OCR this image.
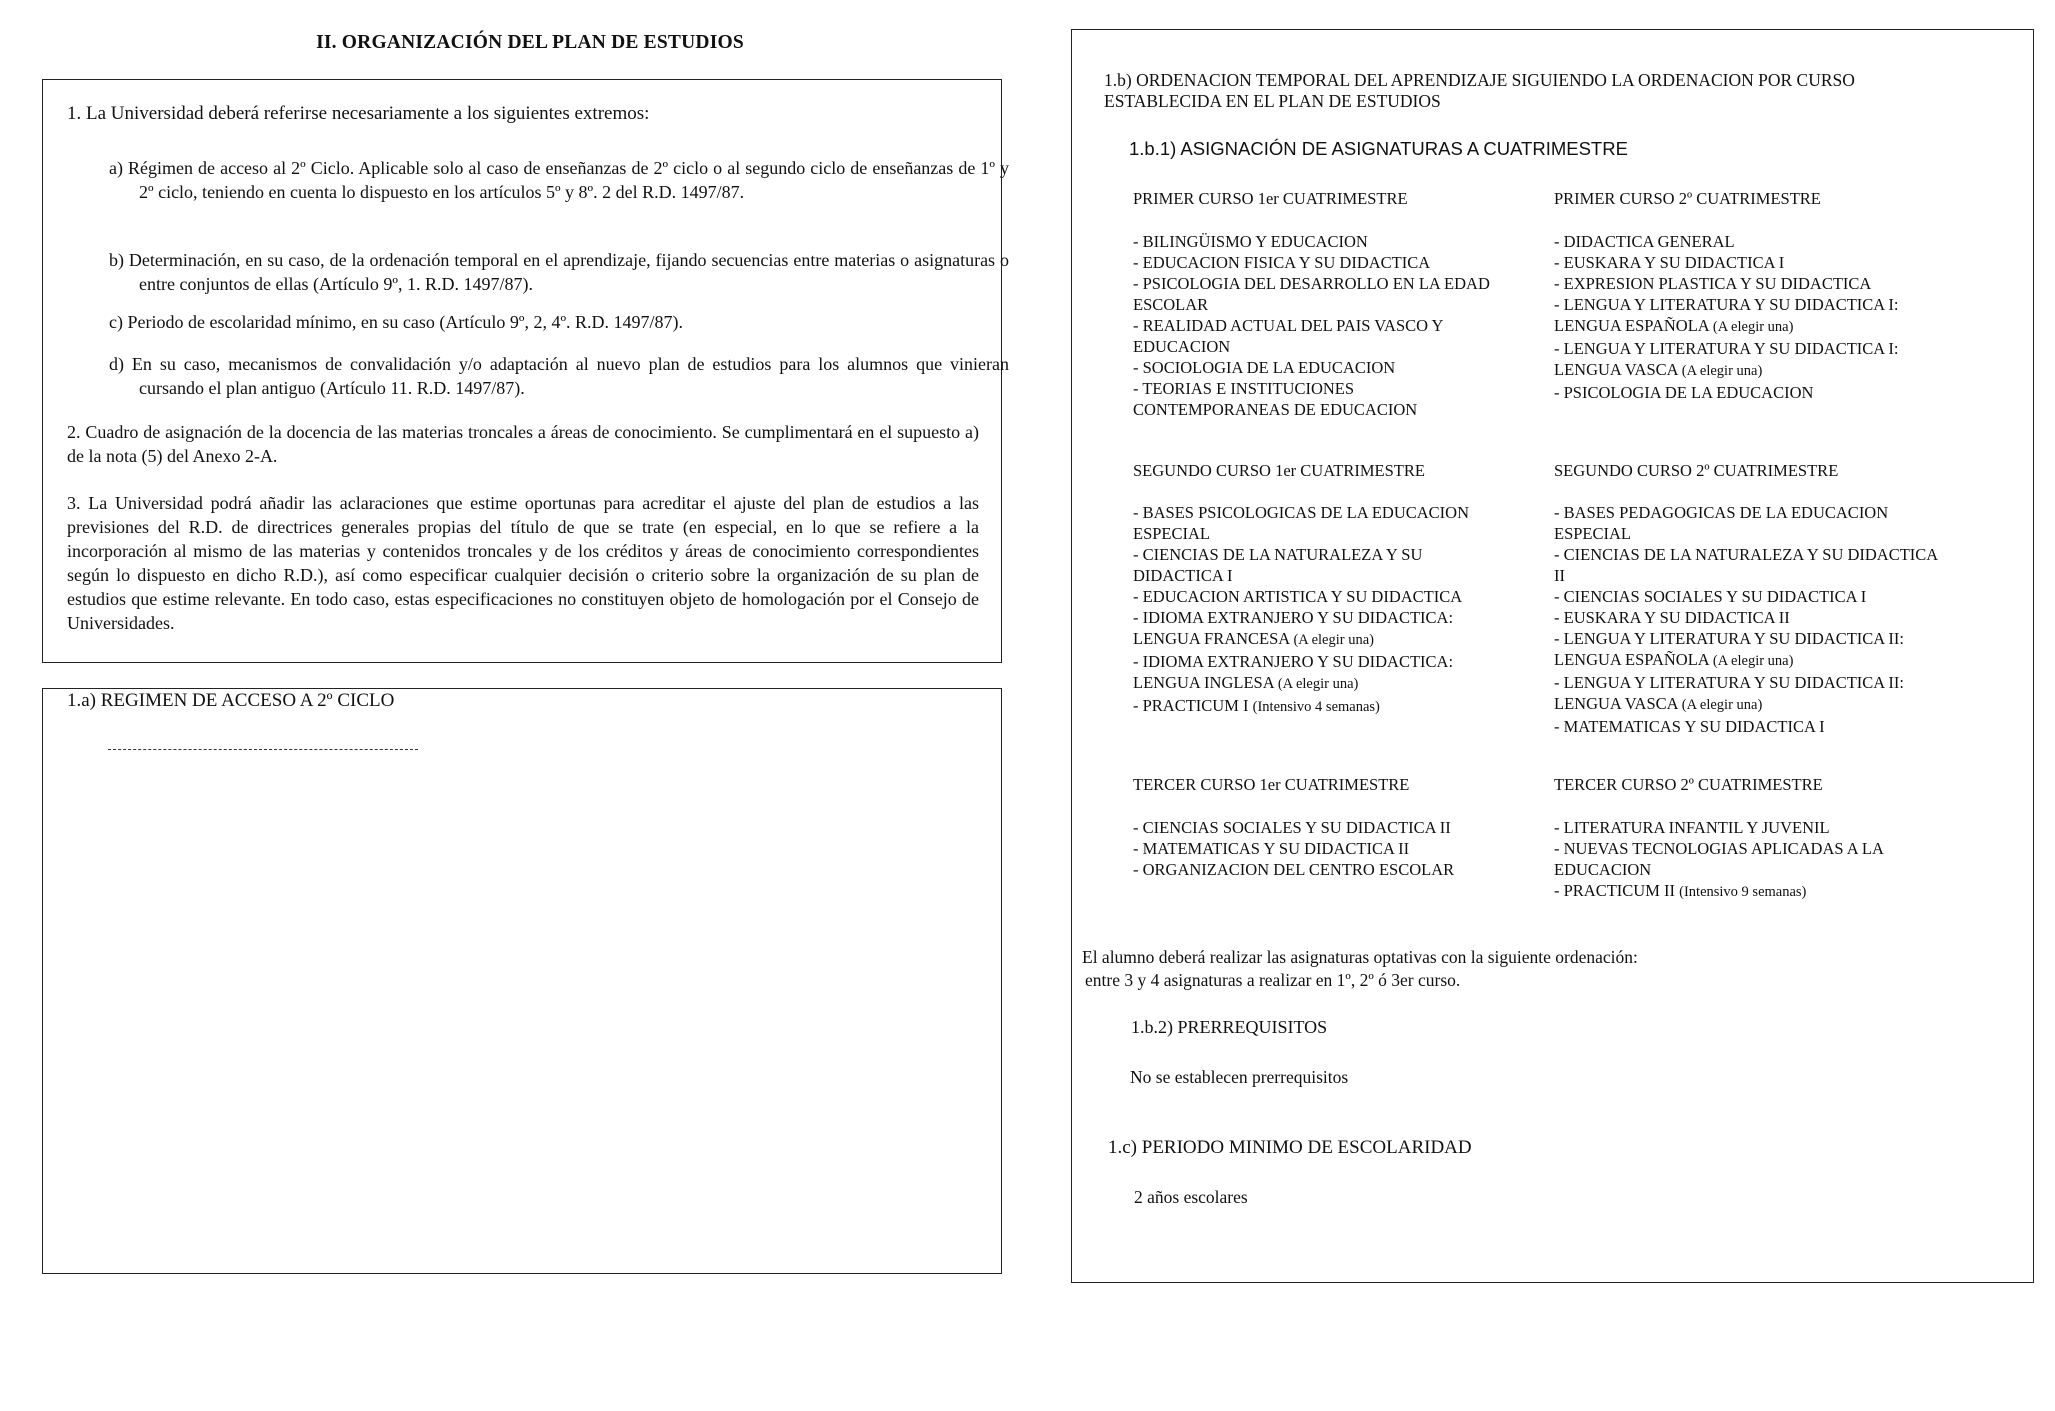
II. ORGANIZACIÓN DEL PLAN DE ESTUDIOS
1. La Universidad deberá referirse necesariamente a los siguientes extremos:
a) Régimen de acceso al 2º Ciclo. Aplicable solo al caso de enseñanzas de 2º ciclo o al segundo ciclo de enseñanzas de 1º y 2º ciclo, teniendo en cuenta lo dispuesto en los artículos 5º y 8º. 2 del R.D. 1497/87.
b) Determinación, en su caso, de la ordenación temporal en el aprendizaje, fijando secuencias entre materias o asignaturas o entre conjuntos de ellas (Artículo 9º, 1. R.D. 1497/87).
c) Periodo de escolaridad mínimo, en su caso (Artículo 9º, 2, 4º. R.D. 1497/87).
d) En su caso, mecanismos de convalidación y/o adaptación al nuevo plan de estudios para los alumnos que vinieran cursando el plan antiguo (Artículo 11. R.D. 1497/87).
2. Cuadro de asignación de la docencia de las materias troncales a áreas de conocimiento. Se cumplimentará en el supuesto a) de la nota (5) del Anexo 2-A.
3. La Universidad podrá añadir las aclaraciones que estime oportunas para acreditar el ajuste del plan de estudios a las previsiones del R.D. de directrices generales propias del título de que se trate (en especial, en lo que se refiere a la incorporación al mismo de las materias y contenidos troncales y de los créditos y áreas de conocimiento correspondientes según lo dispuesto en dicho R.D.), así como especificar cualquier decisión o criterio sobre la organización de su plan de estudios que estime relevante. En todo caso, estas especificaciones no constituyen objeto de homologación por el Consejo de Universidades.
1.a) REGIMEN DE ACCESO A 2º CICLO
1.b) ORDENACION TEMPORAL DEL APRENDIZAJE SIGUIENDO LA ORDENACION POR CURSO ESTABLECIDA EN EL PLAN DE ESTUDIOS
1.b.1) ASIGNACIÓN DE ASIGNATURAS A CUATRIMESTRE
PRIMER CURSO 1er CUATRIMESTRE
- BILINGÜISMO Y EDUCACION
- EDUCACION FISICA Y SU DIDACTICA
- PSICOLOGIA DEL DESARROLLO EN LA EDAD ESCOLAR
- REALIDAD ACTUAL DEL PAIS VASCO Y EDUCACION
- SOCIOLOGIA DE LA EDUCACION
- TEORIAS E INSTITUCIONES CONTEMPORANEAS DE EDUCACION
PRIMER CURSO 2º CUATRIMESTRE
- DIDACTICA GENERAL
- EUSKARA Y SU DIDACTICA I
- EXPRESION PLASTICA Y SU DIDACTICA
- LENGUA Y LITERATURA Y SU DIDACTICA I: LENGUA ESPAÑOLA (A elegir una)
- LENGUA Y LITERATURA Y SU DIDACTICA I: LENGUA VASCA (A elegir una)
- PSICOLOGIA DE LA EDUCACION
SEGUNDO CURSO 1er CUATRIMESTRE
- BASES PSICOLOGICAS DE LA EDUCACION ESPECIAL
- CIENCIAS DE LA NATURALEZA Y SU DIDACTICA I
- EDUCACION ARTISTICA Y SU DIDACTICA
- IDIOMA EXTRANJERO Y SU DIDACTICA: LENGUA FRANCESA (A elegir una)
- IDIOMA EXTRANJERO Y SU DIDACTICA: LENGUA INGLESA (A elegir una)
- PRACTICUM I (Intensivo 4 semanas)
SEGUNDO CURSO 2º CUATRIMESTRE
- BASES PEDAGOGICAS DE LA EDUCACION ESPECIAL
- CIENCIAS DE LA NATURALEZA Y SU DIDACTICA II
- CIENCIAS SOCIALES Y SU DIDACTICA I
- EUSKARA Y SU DIDACTICA II
- LENGUA Y LITERATURA Y SU DIDACTICA II: LENGUA ESPAÑOLA (A elegir una)
- LENGUA Y LITERATURA Y SU DIDACTICA II: LENGUA VASCA (A elegir una)
- MATEMATICAS Y SU DIDACTICA I
TERCER CURSO 1er CUATRIMESTRE
- CIENCIAS SOCIALES Y SU DIDACTICA II
- MATEMATICAS Y SU DIDACTICA II
- ORGANIZACION DEL CENTRO ESCOLAR
TERCER CURSO 2º CUATRIMESTRE
- LITERATURA INFANTIL Y JUVENIL
- NUEVAS TECNOLOGIAS APLICADAS A LA EDUCACION
- PRACTICUM II (Intensivo 9 semanas)
El alumno deberá realizar las asignaturas optativas con la siguiente ordenación:
entre 3 y 4 asignaturas a realizar en 1º, 2º ó 3er curso.
1.b.2) PRERREQUISITOS
No se establecen prerrequisitos
1.c) PERIODO MINIMO DE ESCOLARIDAD
2 años escolares
